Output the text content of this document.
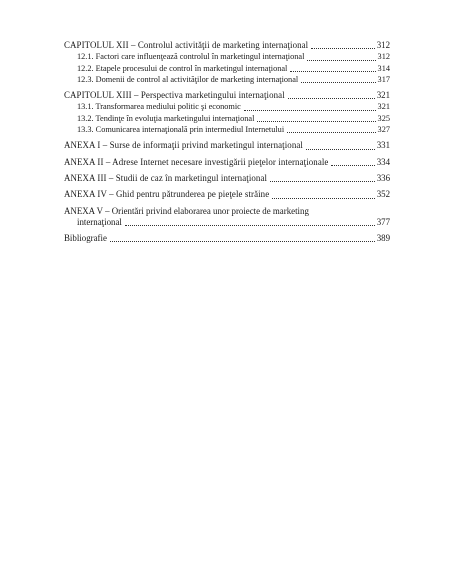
CAPITOLUL XII – Controlul activităţii de marketing internaţional	312
12.1. Factori care influenţează controlul în marketingul internaţional	312
12.2. Etapele procesului de control în marketingul internaţional	314
12.3. Domenii de control al activităţilor de marketing internaţional	317
CAPITOLUL XIII – Perspectiva marketingului internaţional	321
13.1. Transformarea mediului politic şi economic	321
13.2. Tendinţe în evoluţia marketingului internaţional	325
13.3. Comunicarea internaţională prin intermediul Internetului	327
ANEXA I – Surse de informaţii privind marketingul internaţional	331
ANEXA II – Adrese Internet necesare investigării pieţelor internaţionale	334
ANEXA III – Studii de caz în marketingul internaţional	336
ANEXA IV – Ghid pentru pătrunderea pe pieţele străine	352
ANEXA V – Orientări privind elaborarea unor proiecte de marketing
internaţional	377
Bibliografie	389
